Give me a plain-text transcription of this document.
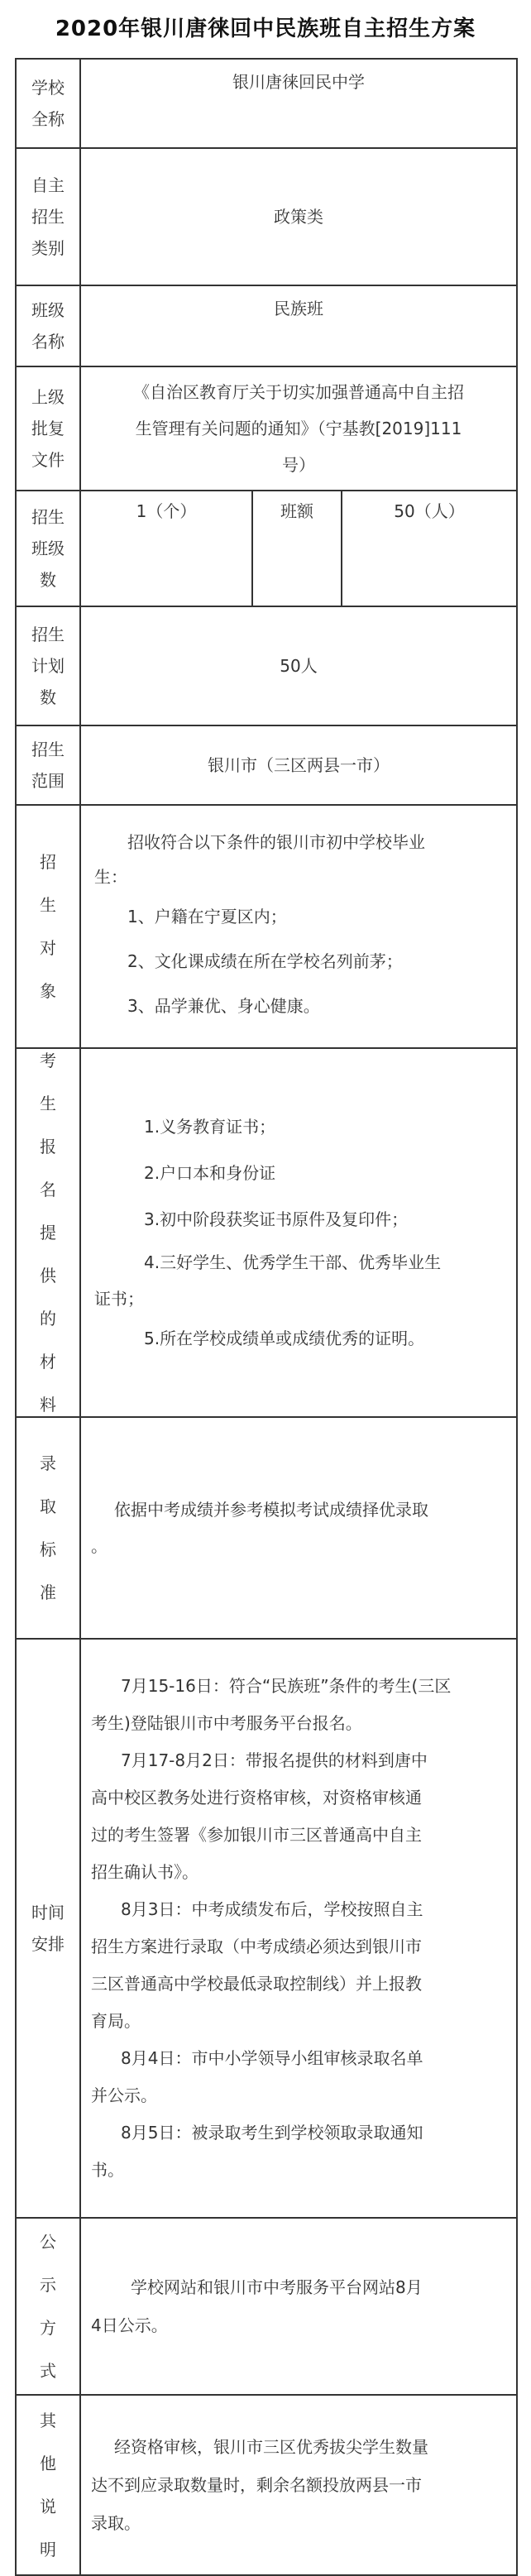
2020年银川唐徕回中民族班自主招生方案
学校全称
银川唐徕回民中学
自主招生类别
政策类
班级名称
民族班
上级批复文件
《自治区教育厅关于切实加强普通高中自主招
生管理有关问题的通知》（宁基教[2019]111
号）
招生班级数
1（个）	班额	50（人）
招生计划数
50人
招生范围
银川市（三区两县一市）
招生对象
招收符合以下条件的银川市初中学校毕业
生：
1、户籍在宁夏区内；
2、文化课成绩在所在学校名列前茅；
3、品学兼优、身心健康。
考生报名提供的材料
1.义务教育证书；
2.户口本和身份证
3.初中阶段获奖证书原件及复印件；
4.三好学生、优秀学生干部、优秀毕业生
证书；
5.所在学校成绩单或成绩优秀的证明。
录取标准
依据中考成绩并参考模拟考试成绩择优录取
。
时间安排
7月15-16日：符合“民族班”条件的考生(三区
考生)登陆银川市中考服务平台报名。
7月17-8月2日：带报名提供的材料到唐中
高中校区教务处进行资格审核，对资格审核通
过的考生签署《参加银川市三区普通高中自主
招生确认书》。
8月3日：中考成绩发布后，学校按照自主
招生方案进行录取（中考成绩必须达到银川市
三区普通高中学校最低录取控制线）并上报教
育局。
8月4日：市中小学领导小组审核录取名单
并公示。
8月5日：被录取考生到学校领取录取通知
书。
公示方式
学校网站和银川市中考服务平台网站8月
4日公示。
其他说明
经资格审核，银川市三区优秀拔尖学生数量
达不到应录取数量时，剩余名额投放两县一市
录取。
